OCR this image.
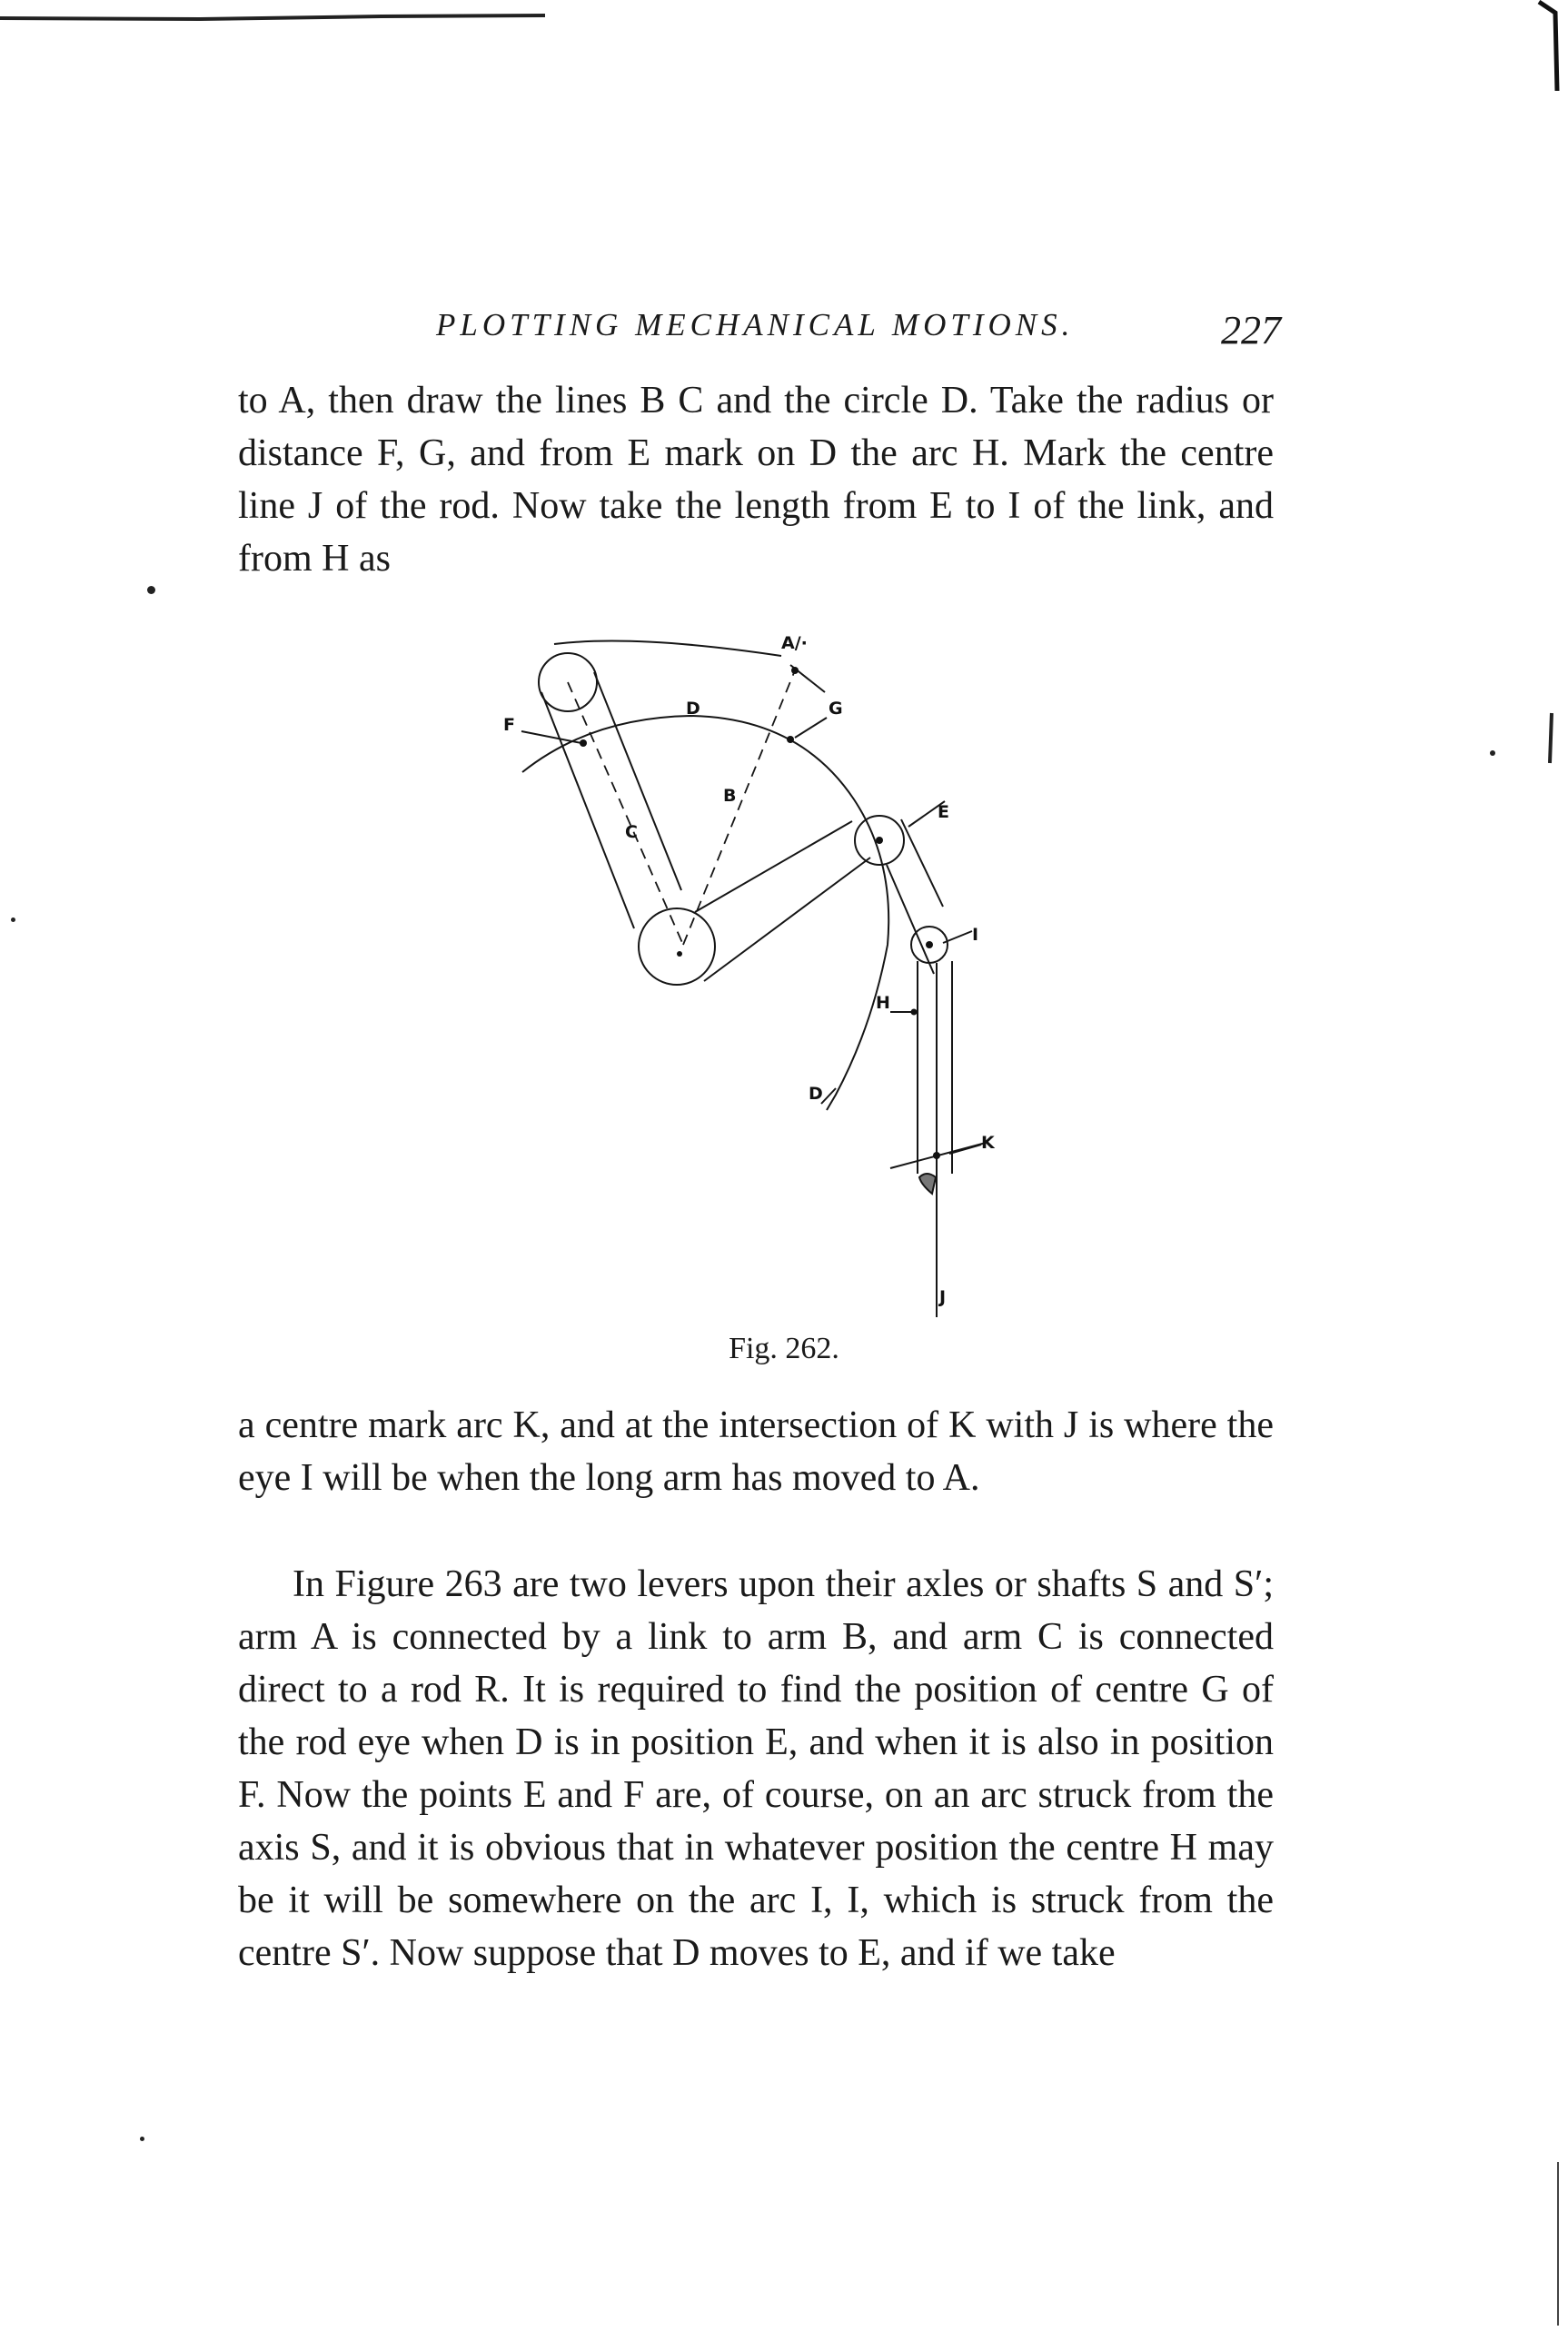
PLOTTING MECHANICAL MOTIONS.	227

to A, then draw the lines B C and the circle D. Take the radius or distance F, G, and from E mark on D the arc H. Mark the centre line J of the rod. Now take the length from E to I of the link, and from H as

A/·
D
F
G
B
C
E
I
H
D
K
J
Fig. 262.

a centre mark arc K, and at the intersection of K with J is where the eye I will be when the long arm has moved to A.

In Figure 263 are two levers upon their axles or shafts S and S′; arm A is connected by a link to arm B, and arm C is connected direct to a rod R. It is required to find the position of centre G of the rod eye when D is in position E, and when it is also in position F. Now the points E and F are, of course, on an arc struck from the axis S, and it is obvious that in whatever position the centre H may be it will be somewhere on the arc I, I, which is struck from the centre S′. Now suppose that D moves to E, and if we take
